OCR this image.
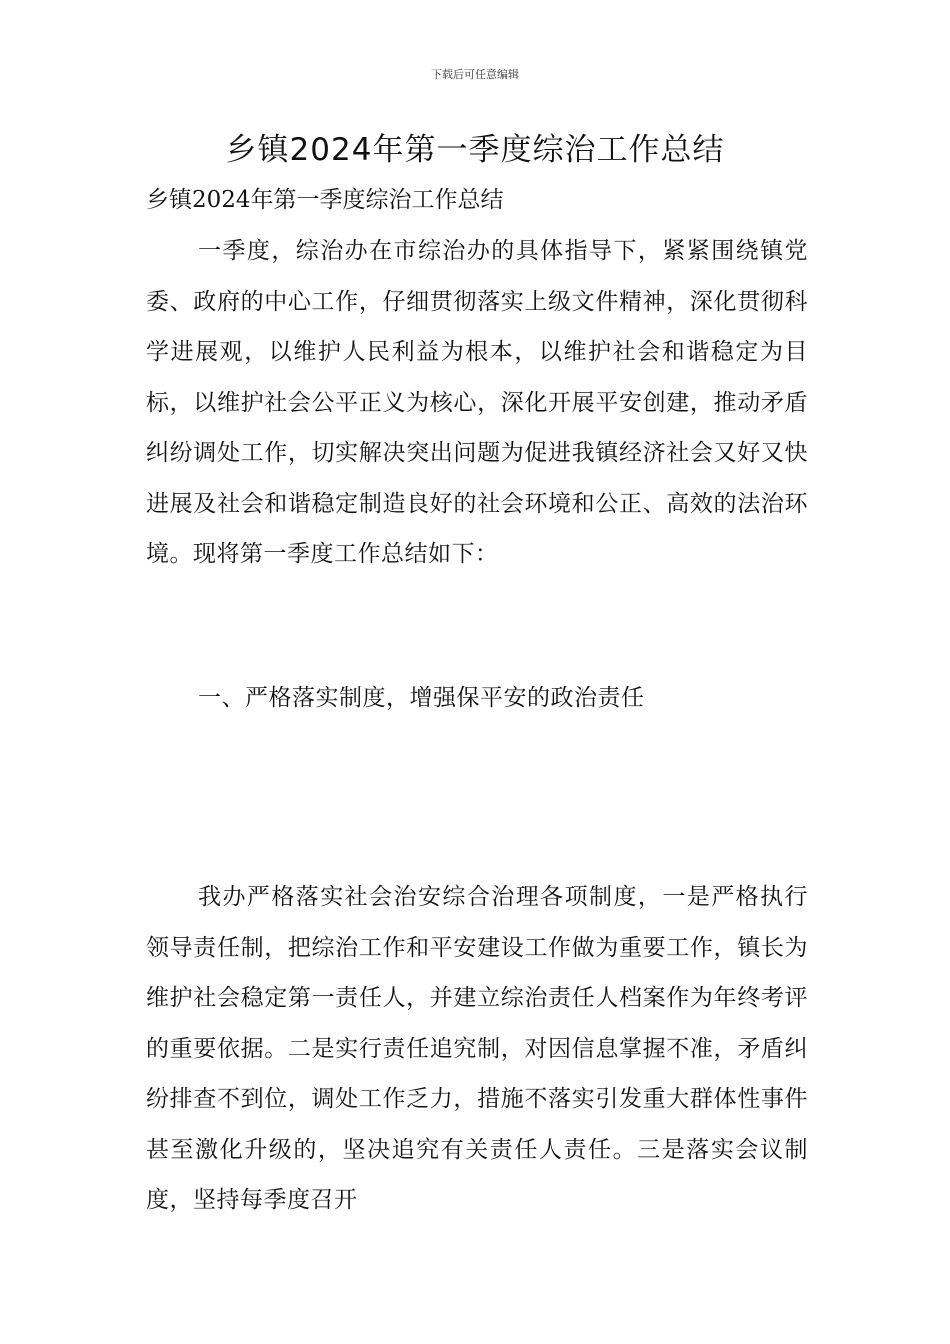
下载后可任意编辑
乡镇2024年第一季度综治工作总结
乡镇2024年第一季度综治工作总结

一季度，综治办在市综治办的具体指导下，紧紧围绕镇党委、政府的中心工作，仔细贯彻落实上级文件精神，深化贯彻科学进展观，以维护人民利益为根本，以维护社会和谐稳定为目标，以维护社会公平正义为核心，深化开展平安创建，推动矛盾纠纷调处工作，切实解决突出问题为促进我镇经济社会又好又快进展及社会和谐稳定制造良好的社会环境和公正、高效的法治环境。现将第一季度工作总结如下：

一、严格落实制度，增强保平安的政治责任

我办严格落实社会治安综合治理各项制度，一是严格执行领导责任制，把综治工作和平安建设工作做为重要工作，镇长为维护社会稳定第一责任人，并建立综治责任人档案作为年终考评的重要依据。二是实行责任追究制，对因信息掌握不准，矛盾纠纷排查不到位，调处工作乏力，措施不落实引发重大群体性事件甚至激化升级的，坚决追究有关责任人责任。三是落实会议制度，坚持每季度召开
